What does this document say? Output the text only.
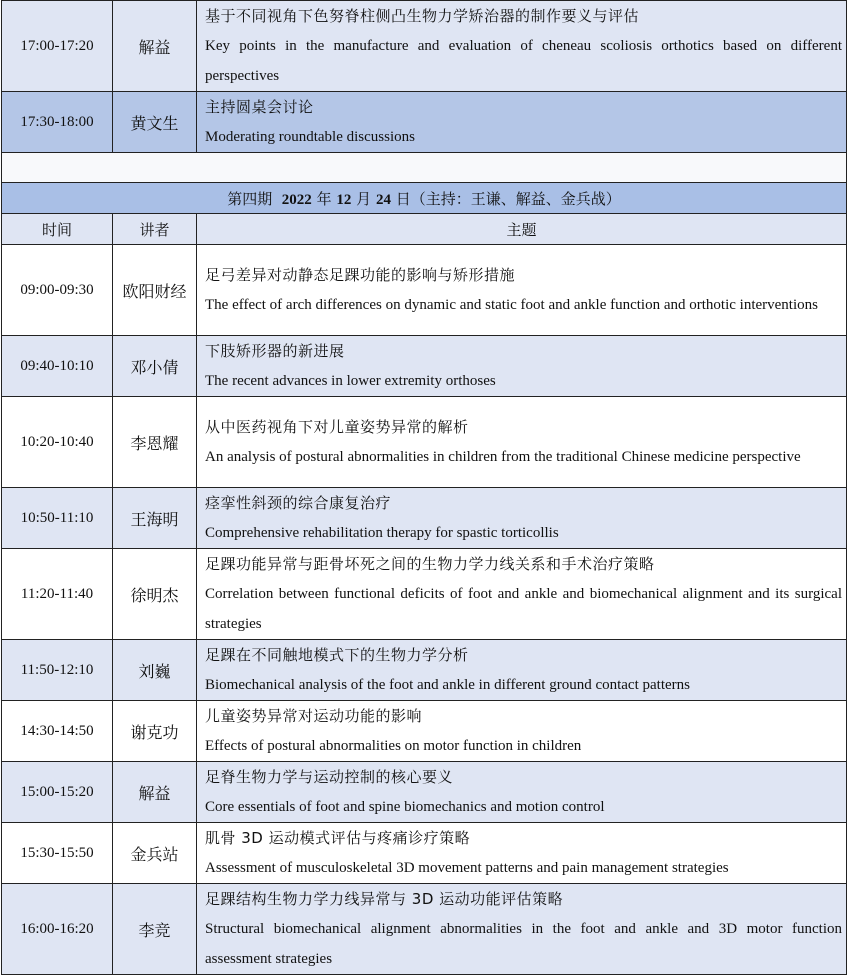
17:00-17:20	解益	基于不同视角下色努脊柱侧凸生物力学矫治器的制作要义与评估
Key points in the manufacture and evaluation of cheneau scoliosis orthotics based on different perspectives

17:30-18:00	黄文生	主持圆桌会讨论
Moderating roundtable discussions

第四期 2022 年 12 月 24 日（主持：王谦、解益、金兵战）		
时间	讲者	主题
09:00-09:30	欧阳财经	足弓差异对动静态足踝功能的影响与矫形措施
The effect of arch differences on dynamic and static foot and ankle function and orthotic interventions

09:40-10:10	邓小倩	下肢矫形器的新进展
The recent advances in lower extremity orthoses

10:20-10:40	李恩耀	从中医药视角下对儿童姿势异常的解析
An analysis of postural abnormalities in children from the traditional Chinese medicine perspective

10:50-11:10	王海明	痉挛性斜颈的综合康复治疗
Comprehensive rehabilitation therapy for spastic torticollis

11:20-11:40	徐明杰	足踝功能异常与距骨坏死之间的生物力学力线关系和手术治疗策略
Correlation between functional deficits of foot and ankle and biomechanical alignment and its surgical strategies

11:50-12:10	刘巍	足踝在不同触地模式下的生物力学分析
Biomechanical analysis of the foot and ankle in different ground contact patterns

14:30-14:50	谢克功	儿童姿势异常对运动功能的影响
Effects of postural abnormalities on motor function in children

15:00-15:20	解益	足脊生物力学与运动控制的核心要义
Core essentials of foot and spine biomechanics and motion control

15:30-15:50	金兵站	肌骨 3D 运动模式评估与疼痛诊疗策略
Assessment of musculoskeletal 3D movement patterns and pain management strategies

16:00-16:20	李竞	足踝结构生物力学力线异常与 3D 运动功能评估策略
Structural biomechanical alignment abnormalities in the foot and ankle and 3D motor function assessment strategies
